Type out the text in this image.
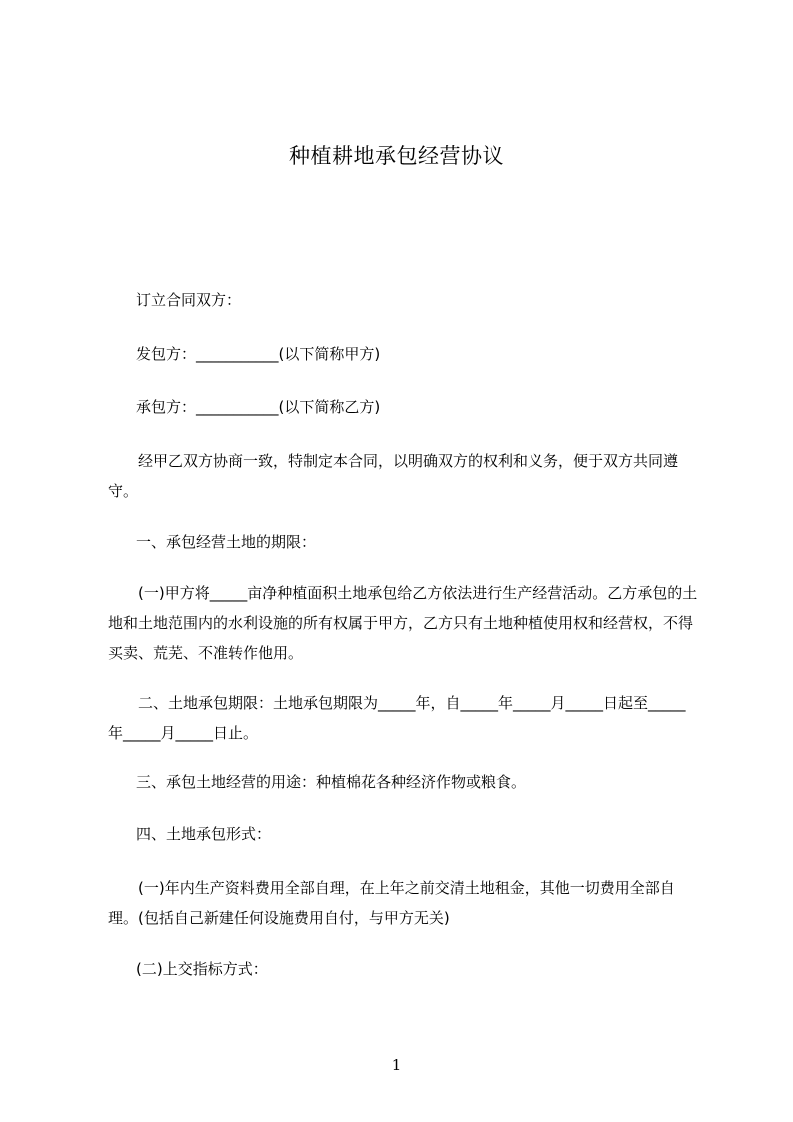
种植耕地承包经营协议

订立合同双方：

发包方：___________(以下简称甲方)

承包方：___________(以下简称乙方)

经甲乙双方协商一致，特制定本合同，以明确双方的权利和义务，便于双方共同遵守。

一、承包经营土地的期限：

(一)甲方将_____亩净种植面积土地承包给乙方依法进行生产经营活动。乙方承包的土地和土地范围内的水利设施的所有权属于甲方，乙方只有土地种植使用权和经营权，不得买卖、荒芜、不准转作他用。

二、土地承包期限：土地承包期限为_____年，自_____年_____月_____日起至_____年_____月_____日止。

三、承包土地经营的用途：种植棉花各种经济作物或粮食。

四、土地承包形式：

(一)年内生产资料费用全部自理，在上年之前交清土地租金，其他一切费用全部自理。(包括自己新建任何设施费用自付，与甲方无关)

(二)上交指标方式：

1
